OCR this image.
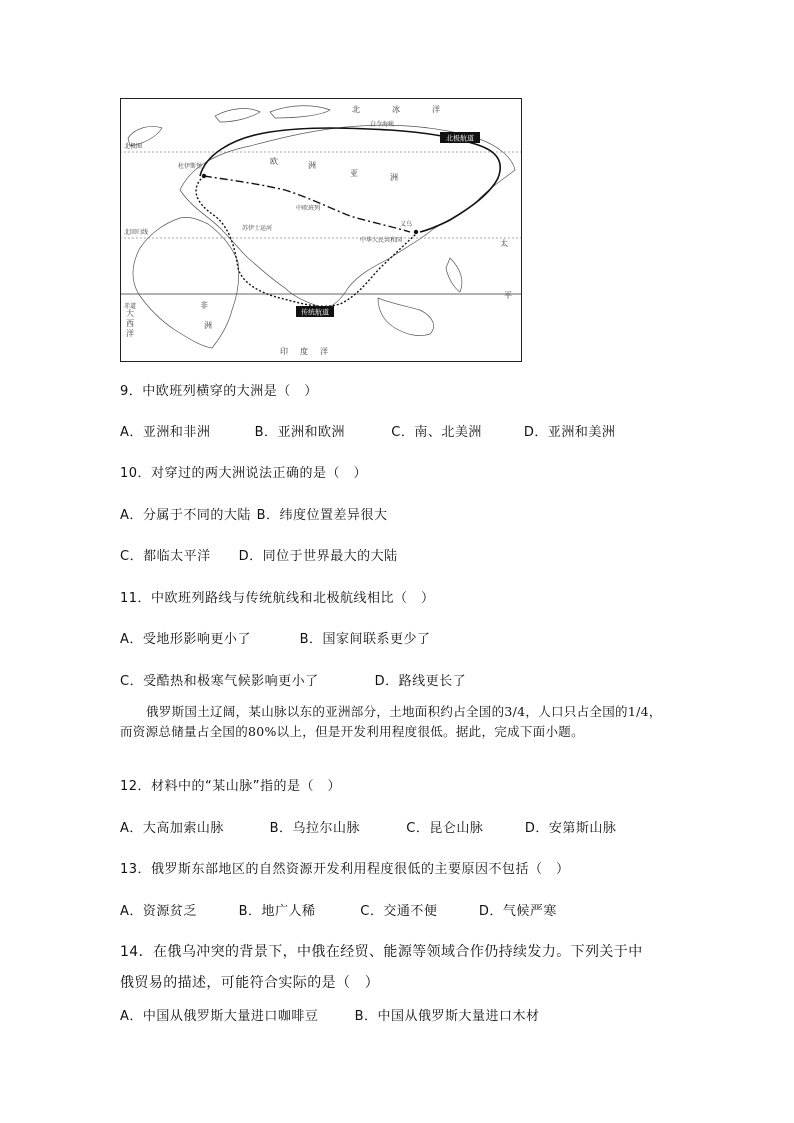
北	冰	洋
北极圈
北回归线
赤道
欧	洲
亚	洲
非
洲
大
西
洋
印 度 洋
太
平
杜伊斯堡
苏伊士运河
义乌
中华人民共和国
白令海峡
中欧班列
北极航道
传统航道
9．中欧班列横穿的大洲是（　）
A．亚洲和非洲	B．亚洲和欧洲	C．南、北美洲	D．亚洲和美洲
10．对穿过的两大洲说法正确的是（　）
A．分属于不同的大陆 B．纬度位置差异很大
C．都临太平洋 D．同位于世界最大的大陆
11．中欧班列路线与传统航线和北极航线相比（　）
A．受地形影响更小了	B．国家间联系更少了
C．受酷热和极寒气候影响更小了	D．路线更长了

俄罗斯国土辽阔，某山脉以东的亚洲部分，土地面积约占全国的3/4，人口只占全国的1/4，而资源总储量占全国的80%以上，但是开发利用程度很低。据此，完成下面小题。

12．材料中的“某山脉”指的是（　）
A．大高加索山脉	B．乌拉尔山脉	C．昆仑山脉	D．安第斯山脉
13．俄罗斯东部地区的自然资源开发利用程度很低的主要原因不包括（　）
A．资源贫乏	B．地广人稀	C．交通不便	D．气候严寒
14．在俄乌冲突的背景下，中俄在经贸、能源等领域合作仍持续发力。下列关于中
俄贸易的描述，可能符合实际的是（　）
A．中国从俄罗斯大量进口咖啡豆	B．中国从俄罗斯大量进口木材
